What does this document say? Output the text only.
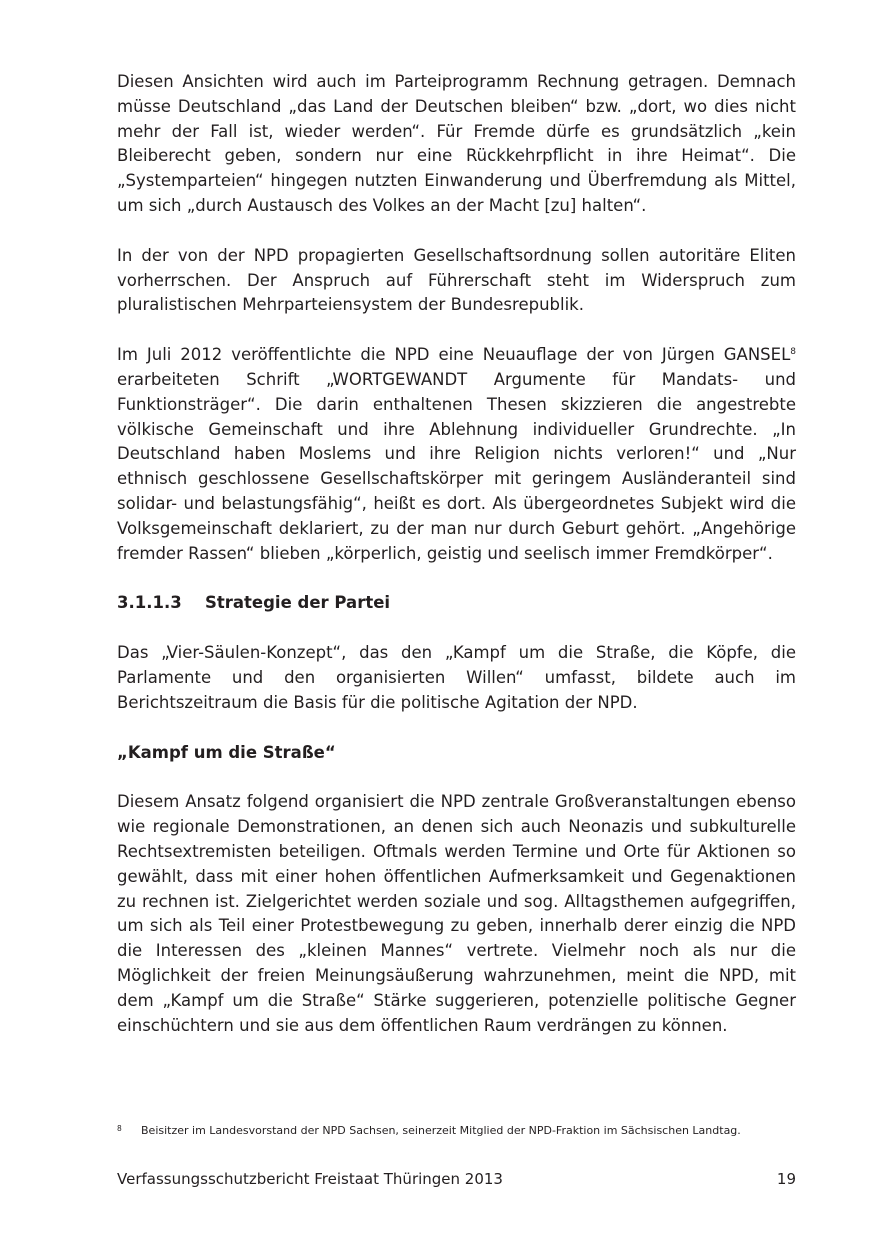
Diesen Ansichten wird auch im Parteiprogramm Rechnung getragen. Demnach müsse Deutschland „das Land der Deutschen bleiben“ bzw. „dort, wo dies nicht mehr der Fall ist, wieder werden“. Für Fremde dürfe es grundsätzlich „kein Bleiberecht geben, sondern nur eine Rückkehrpflicht in ihre Heimat“. Die „Systemparteien“ hingegen nutzten Einwanderung und Überfremdung als Mittel, um sich „durch Austausch des Volkes an der Macht [zu] halten“.

In der von der NPD propagierten Gesellschaftsordnung sollen autoritäre Eliten vorherrschen. Der Anspruch auf Führerschaft steht im Widerspruch zum pluralistischen Mehrparteiensystem der Bundesrepublik.

Im Juli 2012 veröffentlichte die NPD eine Neuauflage der von Jürgen GANSEL$^8$ erarbeiteten Schrift „WORTGEWANDT Argumente für Mandats- und Funktionsträger“. Die darin enthaltenen Thesen skizzieren die angestrebte völkische Gemeinschaft und ihre Ablehnung individueller Grundrechte. „In Deutschland haben Moslems und ihre Religion nichts verloren!“ und „Nur ethnisch geschlossene Gesellschaftskörper mit geringem Ausländeranteil sind solidar- und belastungsfähig“, heißt es dort. Als übergeordnetes Subjekt wird die Volksgemeinschaft deklariert, zu der man nur durch Geburt gehört. „Angehörige fremder Rassen“ blieben „körperlich, geistig und seelisch immer Fremdkörper“.

3.1.1.3	Strategie der Partei

Das „Vier-Säulen-Konzept“, das den „Kampf um die Straße, die Köpfe, die Parlamente und den organisierten Willen“ umfasst, bildete auch im Berichtszeitraum die Basis für die politische Agitation der NPD.

„Kampf um die Straße“

Diesem Ansatz folgend organisiert die NPD zentrale Großveranstaltungen ebenso wie regionale Demonstrationen, an denen sich auch Neonazis und subkulturelle Rechtsextremisten beteiligen. Oftmals werden Termine und Orte für Aktionen so gewählt, dass mit einer hohen öffentlichen Aufmerksamkeit und Gegenaktionen zu rechnen ist. Zielgerichtet werden soziale und sog. Alltagsthemen aufgegriffen, um sich als Teil einer Protestbewegung zu geben, innerhalb derer einzig die NPD die Interessen des „kleinen Mannes“ vertrete. Vielmehr noch als nur die Möglichkeit der freien Meinungsäußerung wahrzunehmen, meint die NPD, mit dem „Kampf um die Straße“ Stärke suggerieren, potenzielle politische Gegner einschüchtern und sie aus dem öffentlichen Raum verdrängen zu können.

8	Beisitzer im Landesvorstand der NPD Sachsen, seinerzeit Mitglied der NPD-Fraktion im Sächsischen Landtag.
Verfassungsschutzbericht Freistaat Thüringen 2013	19
